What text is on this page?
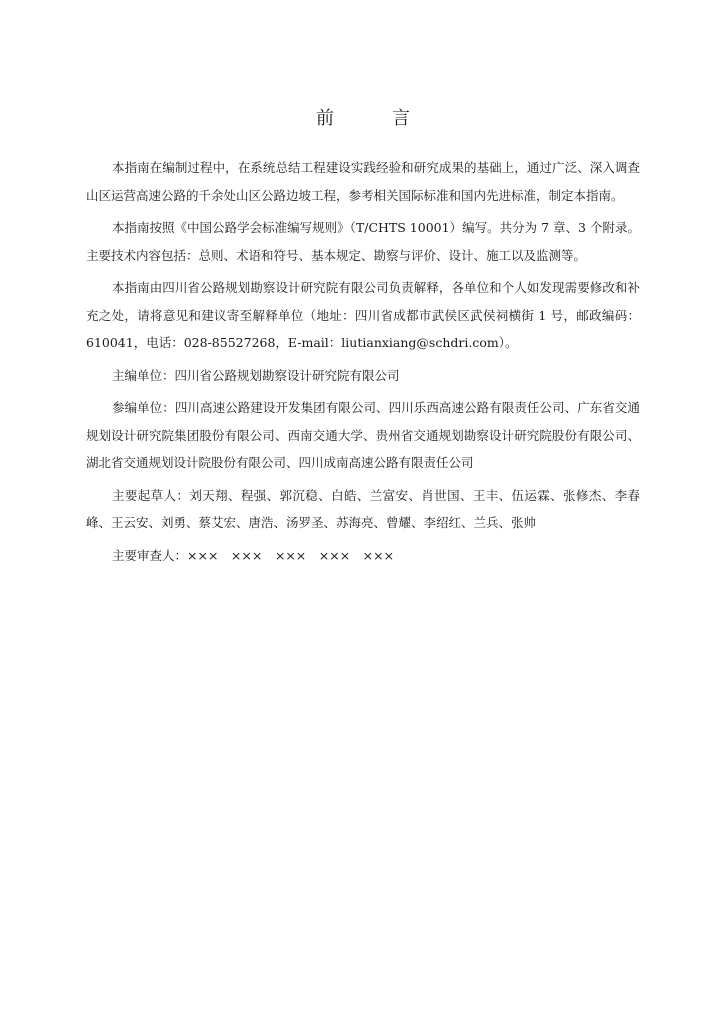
前　言

本指南在编制过程中，在系统总结工程建设实践经验和研究成果的基础上，通过广泛、深入调查山区运营高速公路的千余处山区公路边坡工程，参考相关国际标准和国内先进标准，制定本指南。

本指南按照《中国公路学会标准编写规则》（T/CHTS 10001）编写。共分为 7 章、3 个附录。主要技术内容包括：总则、术语和符号、基本规定、勘察与评价、设计、施工以及监测等。

本指南由四川省公路规划勘察设计研究院有限公司负责解释，各单位和个人如发现需要修改和补充之处，请将意见和建议寄至解释单位（地址：四川省成都市武侯区武侯祠横街 1 号，邮政编码：610041，电话：028-85527268，E-mail：liutianxiang@schdri.com）。

主编单位：四川省公路规划勘察设计研究院有限公司

参编单位：四川高速公路建设开发集团有限公司、四川乐西高速公路有限责任公司、广东省交通规划设计研究院集团股份有限公司、西南交通大学、贵州省交通规划勘察设计研究院股份有限公司、湖北省交通规划设计院股份有限公司、四川成南高速公路有限责任公司

主要起草人：刘天翔、程强、郭沉稳、白皓、兰富安、肖世国、王丰、伍运霖、张修杰、李春峰、王云安、刘勇、蔡艾宏、唐浩、汤罗圣、苏海亮、曾耀、李绍红、兰兵、张帅

主要审查人：×××　×××　×××　×××　×××
